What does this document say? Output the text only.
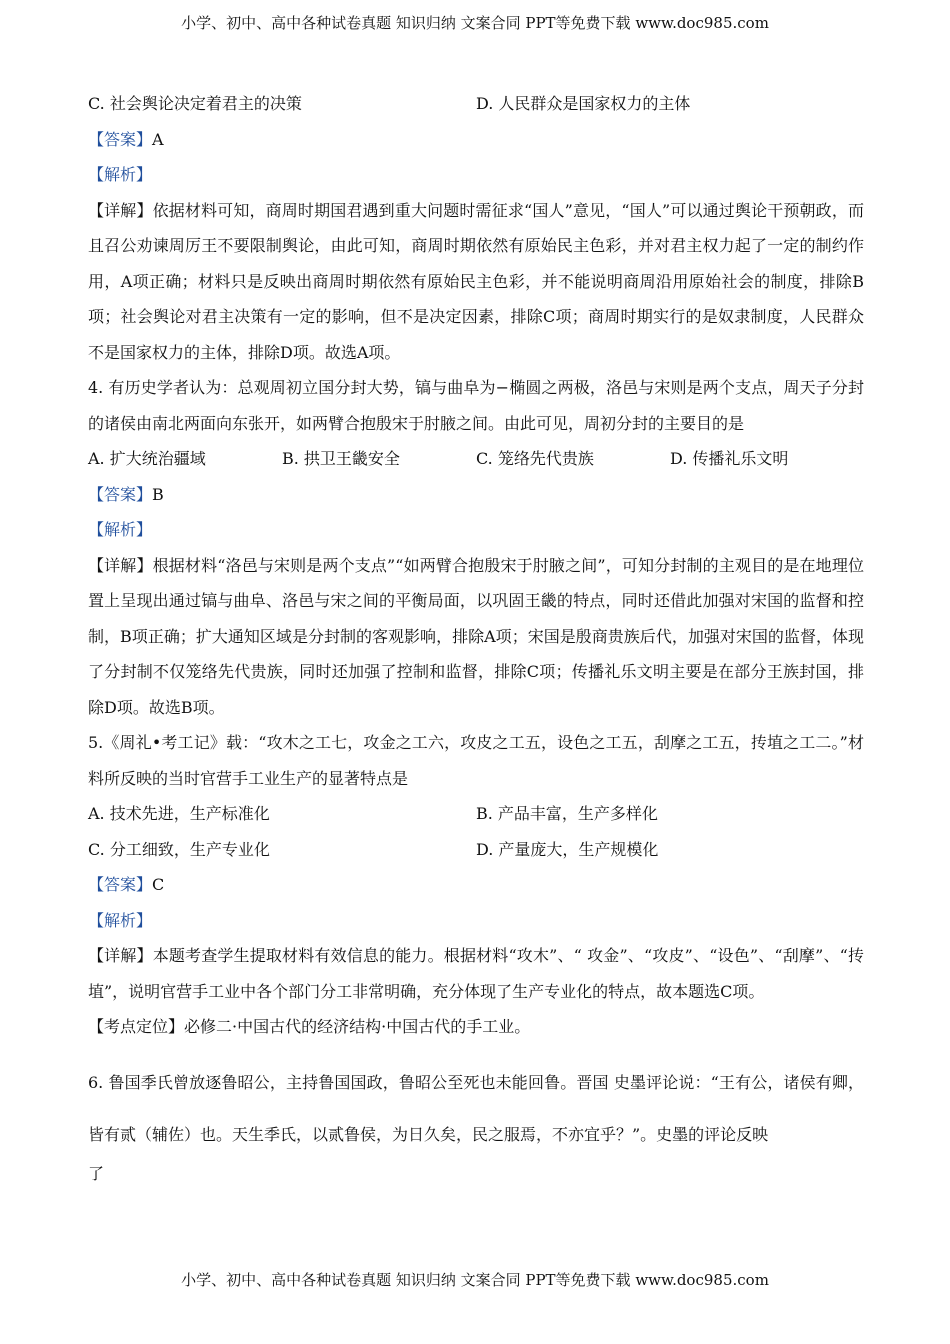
小学、初中、高中各种试卷真题 知识归纳 文案合同 PPT等免费下载 www.doc985.com
C. 社会舆论决定着君主的决策	D. 人民群众是国家权力的主体
【答案】A
【解析】

【详解】依据材料可知，商周时期国君遇到重大问题时需征求“国人”意见，“国人”可以通过舆论干预朝政，而且召公劝谏周厉王不要限制舆论，由此可知，商周时期依然有原始民主色彩，并对君主权力起了一定的制约作用，A项正确；材料只是反映出商周时期依然有原始民主色彩，并不能说明商周沿用原始社会的制度，排除B项；社会舆论对君主决策有一定的影响，但不是决定因素，排除C项；商周时期实行的是奴隶制度，人民群众不是国家权力的主体，排除D项。故选A项。

4. 有历史学者认为：总观周初立国分封大势，镐与曲阜为−椭圆之两极，洛邑与宋则是两个支点，周天子分封的诸侯由南北两面向东张开，如两臂合抱殷宋于肘腋之间。由此可见，周初分封的主要目的是

A. 扩大统治疆域	B. 拱卫王畿安全	C. 笼络先代贵族	D. 传播礼乐文明
【答案】B
【解析】

【详解】根据材料“洛邑与宋则是两个支点”“如两臂合抱殷宋于肘腋之间”，可知分封制的主观目的是在地理位置上呈现出通过镐与曲阜、洛邑与宋之间的平衡局面，以巩固王畿的特点，同时还借此加强对宋国的监督和控制，B项正确；扩大通知区域是分封制的客观影响，排除A项；宋国是殷商贵族后代，加强对宋国的监督，体现了分封制不仅笼络先代贵族，同时还加强了控制和监督，排除C项；传播礼乐文明主要是在部分王族封国，排除D项。故选B项。

5.《周礼•考工记》载：“攻木之工七，攻金之工六，攻皮之工五，设色之工五，刮摩之工五，抟埴之工二。”材料所反映的当时官营手工业生产的显著特点是

A. 技术先进，生产标准化	B. 产品丰富，生产多样化
C. 分工细致，生产专业化	D. 产量庞大，生产规模化
【答案】C
【解析】

【详解】本题考查学生提取材料有效信息的能力。根据材料“攻木”、“ 攻金”、“攻皮”、“设色”、“刮摩”、“抟埴”，说明官营手工业中各个部门分工非常明确，充分体现了生产专业化的特点，故本题选C项。

【考点定位】必修二·中国古代的经济结构·中国古代的手工业。

6. 鲁国季氏曾放逐鲁昭公，主持鲁国国政，鲁昭公至死也未能回鲁。晋国 史墨评论说：“王有公，诸侯有卿，皆有贰（辅佐）也。天生季氏，以贰鲁侯，为日久矣，民之服焉，不亦宜乎？”。史墨的评论反映

了
小学、初中、高中各种试卷真题 知识归纳 文案合同 PPT等免费下载 www.doc985.com
